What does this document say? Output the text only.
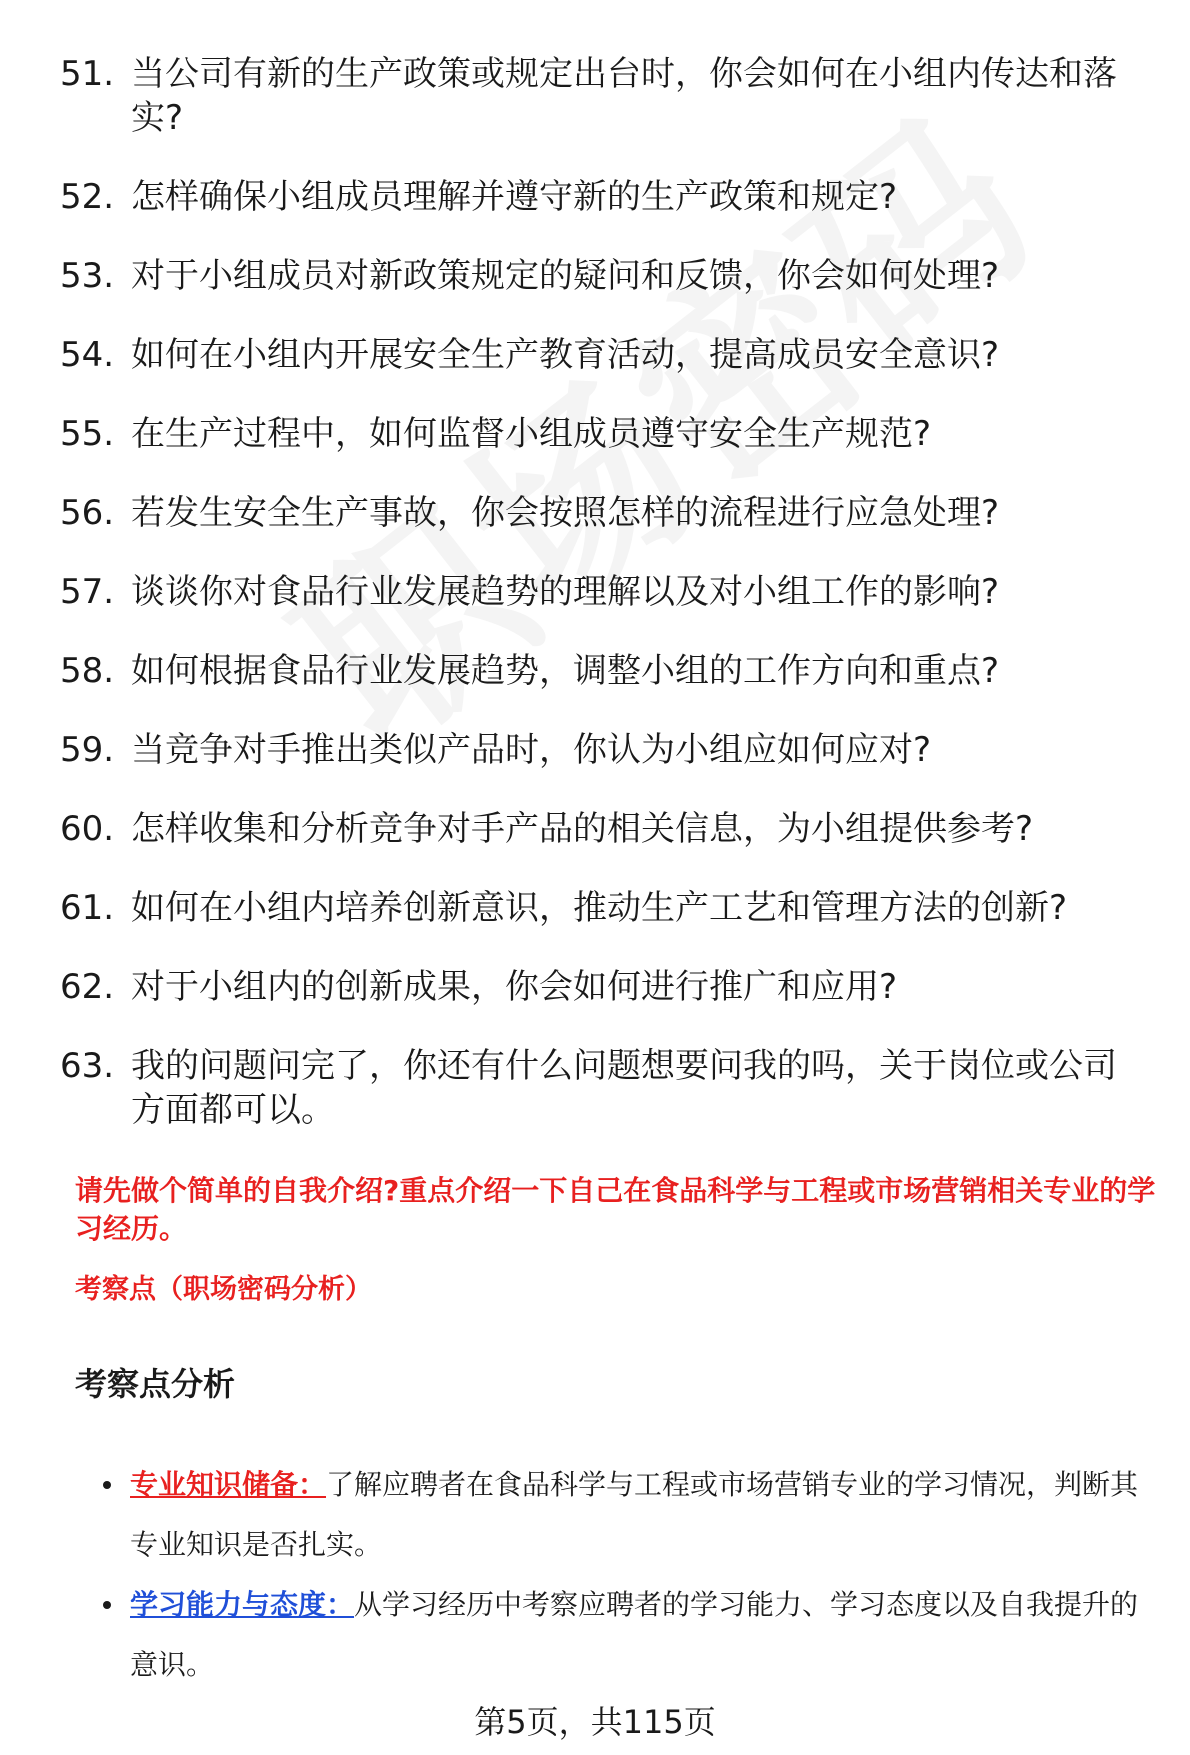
51. 当公司有新的生产政策或规定出台时，你会如何在小组内传达和落实?
52. 怎样确保小组成员理解并遵守新的生产政策和规定?
53. 对于小组成员对新政策规定的疑问和反馈，你会如何处理?
54. 如何在小组内开展安全生产教育活动，提高成员安全意识?
55. 在生产过程中，如何监督小组成员遵守安全生产规范?
56. 若发生安全生产事故，你会按照怎样的流程进行应急处理?
57. 谈谈你对食品行业发展趋势的理解以及对小组工作的影响?
58. 如何根据食品行业发展趋势，调整小组的工作方向和重点?
59. 当竞争对手推出类似产品时，你认为小组应如何应对?
60. 怎样收集和分析竞争对手产品的相关信息，为小组提供参考?
61. 如何在小组内培养创新意识，推动生产工艺和管理方法的创新?
62. 对于小组内的创新成果，你会如何进行推广和应用?
63. 我的问题问完了，你还有什么问题想要问我的吗，关于岗位或公司方面都可以。
请先做个简单的自我介绍?重点介绍一下自己在食品科学与工程或市场营销相关专业的学习经历。
考察点（职场密码分析）
考察点分析
专业知识储备：了解应聘者在食品科学与工程或市场营销专业的学习情况，判断其专业知识是否扎实。
学习能力与态度：从学习经历中考察应聘者的学习能力、学习态度以及自我提升的意识。
第5页，共115页
